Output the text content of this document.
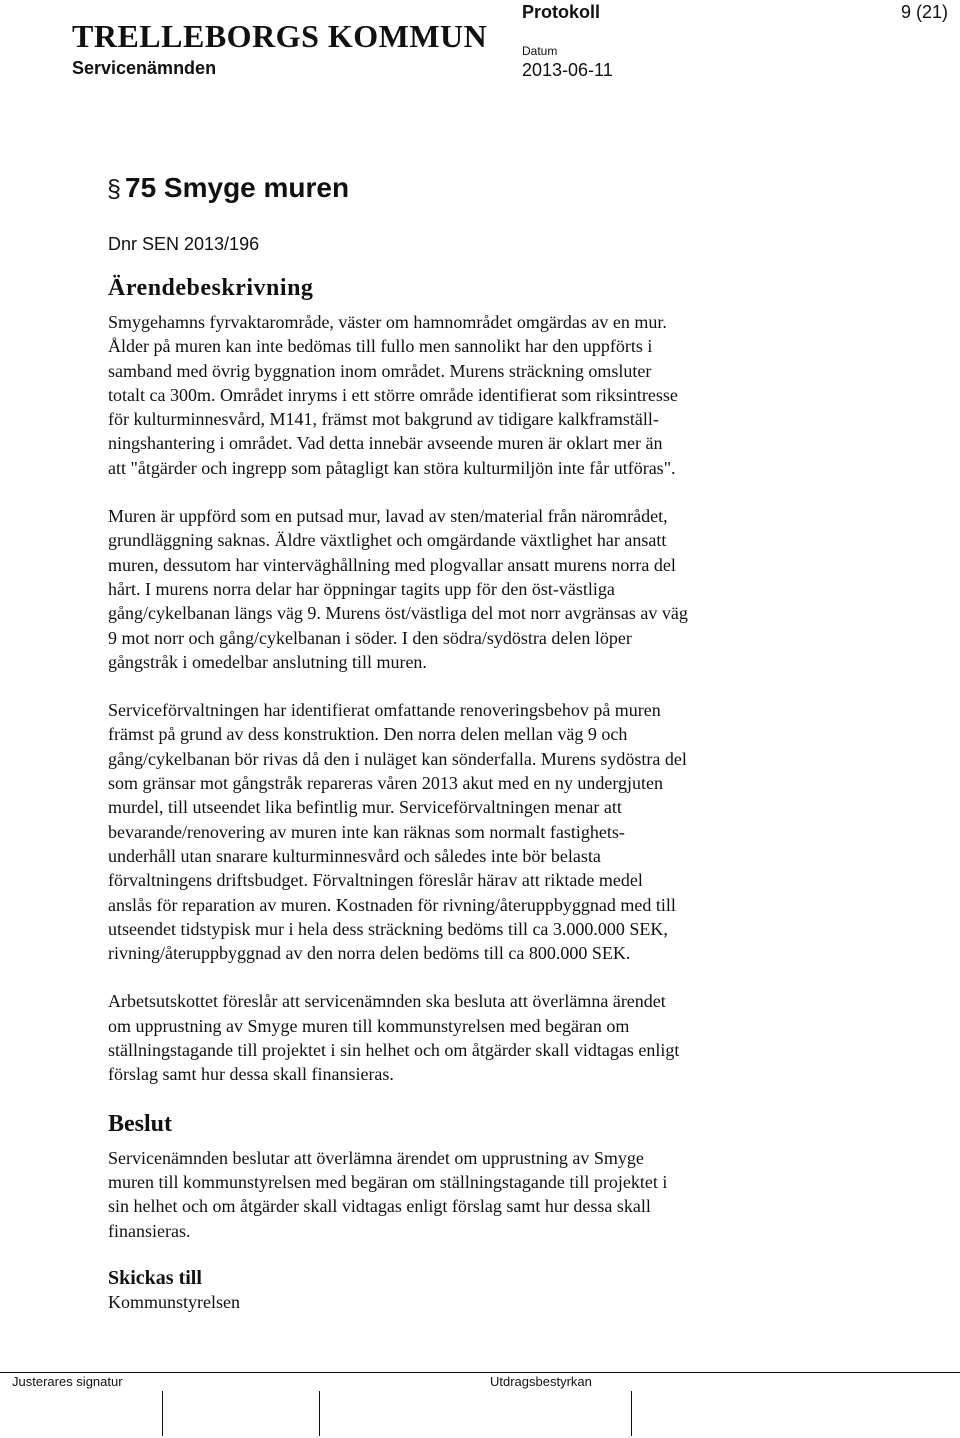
TRELLEBORGS KOMMUN
Servicenämnden
Protokoll
Datum
2013-06-11
9 (21)
§ 75 Smyge muren

Dnr SEN 2013/196

Ärendebeskrivning

Smygehamns fyrvaktarområde, väster om hamnområdet omgärdas av en mur.
Ålder på muren kan inte bedömas till fullo men sannolikt har den uppförts i
samband med övrig byggnation inom området. Murens sträckning omsluter
totalt ca 300m. Området inryms i ett större område identifierat som riksintresse
för kulturminnesvård, M141, främst mot bakgrund av tidigare kalkframställ-
ningshantering i området. Vad detta innebär avseende muren är oklart mer än
att "åtgärder och ingrepp som påtagligt kan störa kulturmiljön inte får utföras".

Muren är uppförd som en putsad mur, lavad av sten/material från närområdet,
grundläggning saknas. Äldre växtlighet och omgärdande växtlighet har ansatt
muren, dessutom har vinterväghållning med plogvallar ansatt murens norra del
hårt. I murens norra delar har öppningar tagits upp för den öst-västliga
gång/cykelbanan längs väg 9. Murens öst/västliga del mot norr avgränsas av väg
9 mot norr och gång/cykelbanan i söder. I den södra/sydöstra delen löper
gångstråk i omedelbar anslutning till muren.

Serviceförvaltningen har identifierat omfattande renoveringsbehov på muren
främst på grund av dess konstruktion. Den norra delen mellan väg 9 och
gång/cykelbanan bör rivas då den i nuläget kan sönderfalla. Murens sydöstra del
som gränsar mot gångstråk repareras våren 2013 akut med en ny undergjuten
murdel, till utseendet lika befintlig mur. Serviceförvaltningen menar att
bevarande/renovering av muren inte kan räknas som normalt fastighets-
underhåll utan snarare kulturminnesvård och således inte bör belasta
förvaltningens driftsbudget. Förvaltningen föreslår härav att riktade medel
anslås för reparation av muren. Kostnaden för rivning/återuppbyggnad med till
utseendet tidstypisk mur i hela dess sträckning bedöms till ca 3.000.000 SEK,
rivning/återuppbyggnad av den norra delen bedöms till ca 800.000 SEK.

Arbetsutskottet föreslår att servicenämnden ska besluta att överlämna ärendet
om upprustning av Smyge muren till kommunstyrelsen med begäran om
ställningstagande till projektet i sin helhet och om åtgärder skall vidtagas enligt
förslag samt hur dessa skall finansieras.

Beslut

Servicenämnden beslutar att överlämna ärendet om upprustning av Smyge
muren till kommunstyrelsen med begäran om ställningstagande till projektet i
sin helhet och om åtgärder skall vidtagas enligt förslag samt hur dessa skall
finansieras.

Skickas till

Kommunstyrelsen

Justerares signatur	Utdragsbestyrkan
